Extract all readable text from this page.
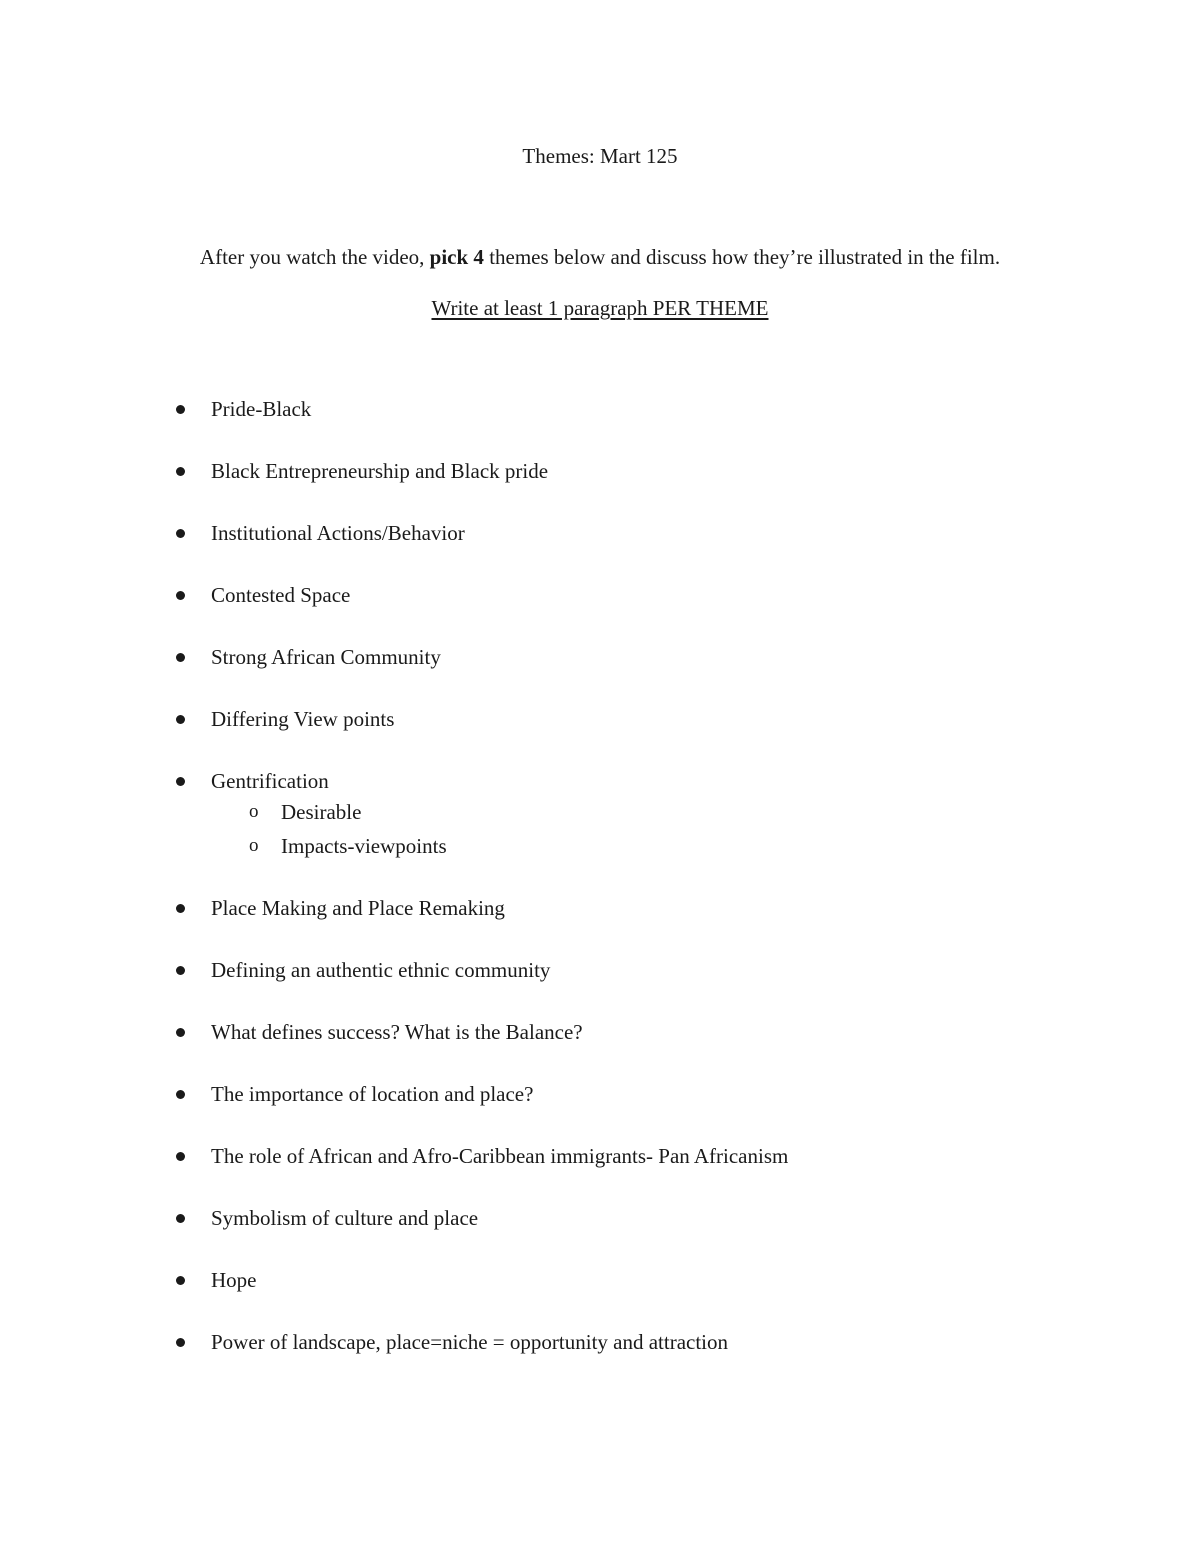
Themes: Mart 125

After you watch the video, pick 4 themes below and discuss how they’re illustrated in the film.

Write at least 1 paragraph PER THEME

Pride-Black
Black Entrepreneurship and Black pride
Institutional Actions/Behavior
Contested Space
Strong African Community
Differing View points
Gentrification
o Desirable
o Impacts-viewpoints
Place Making and Place Remaking
Defining an authentic ethnic community
What defines success? What is the Balance?
The importance of location and place?
The role of African and Afro-Caribbean immigrants- Pan Africanism
Symbolism of culture and place
Hope
Power of landscape, place=niche = opportunity and attraction
